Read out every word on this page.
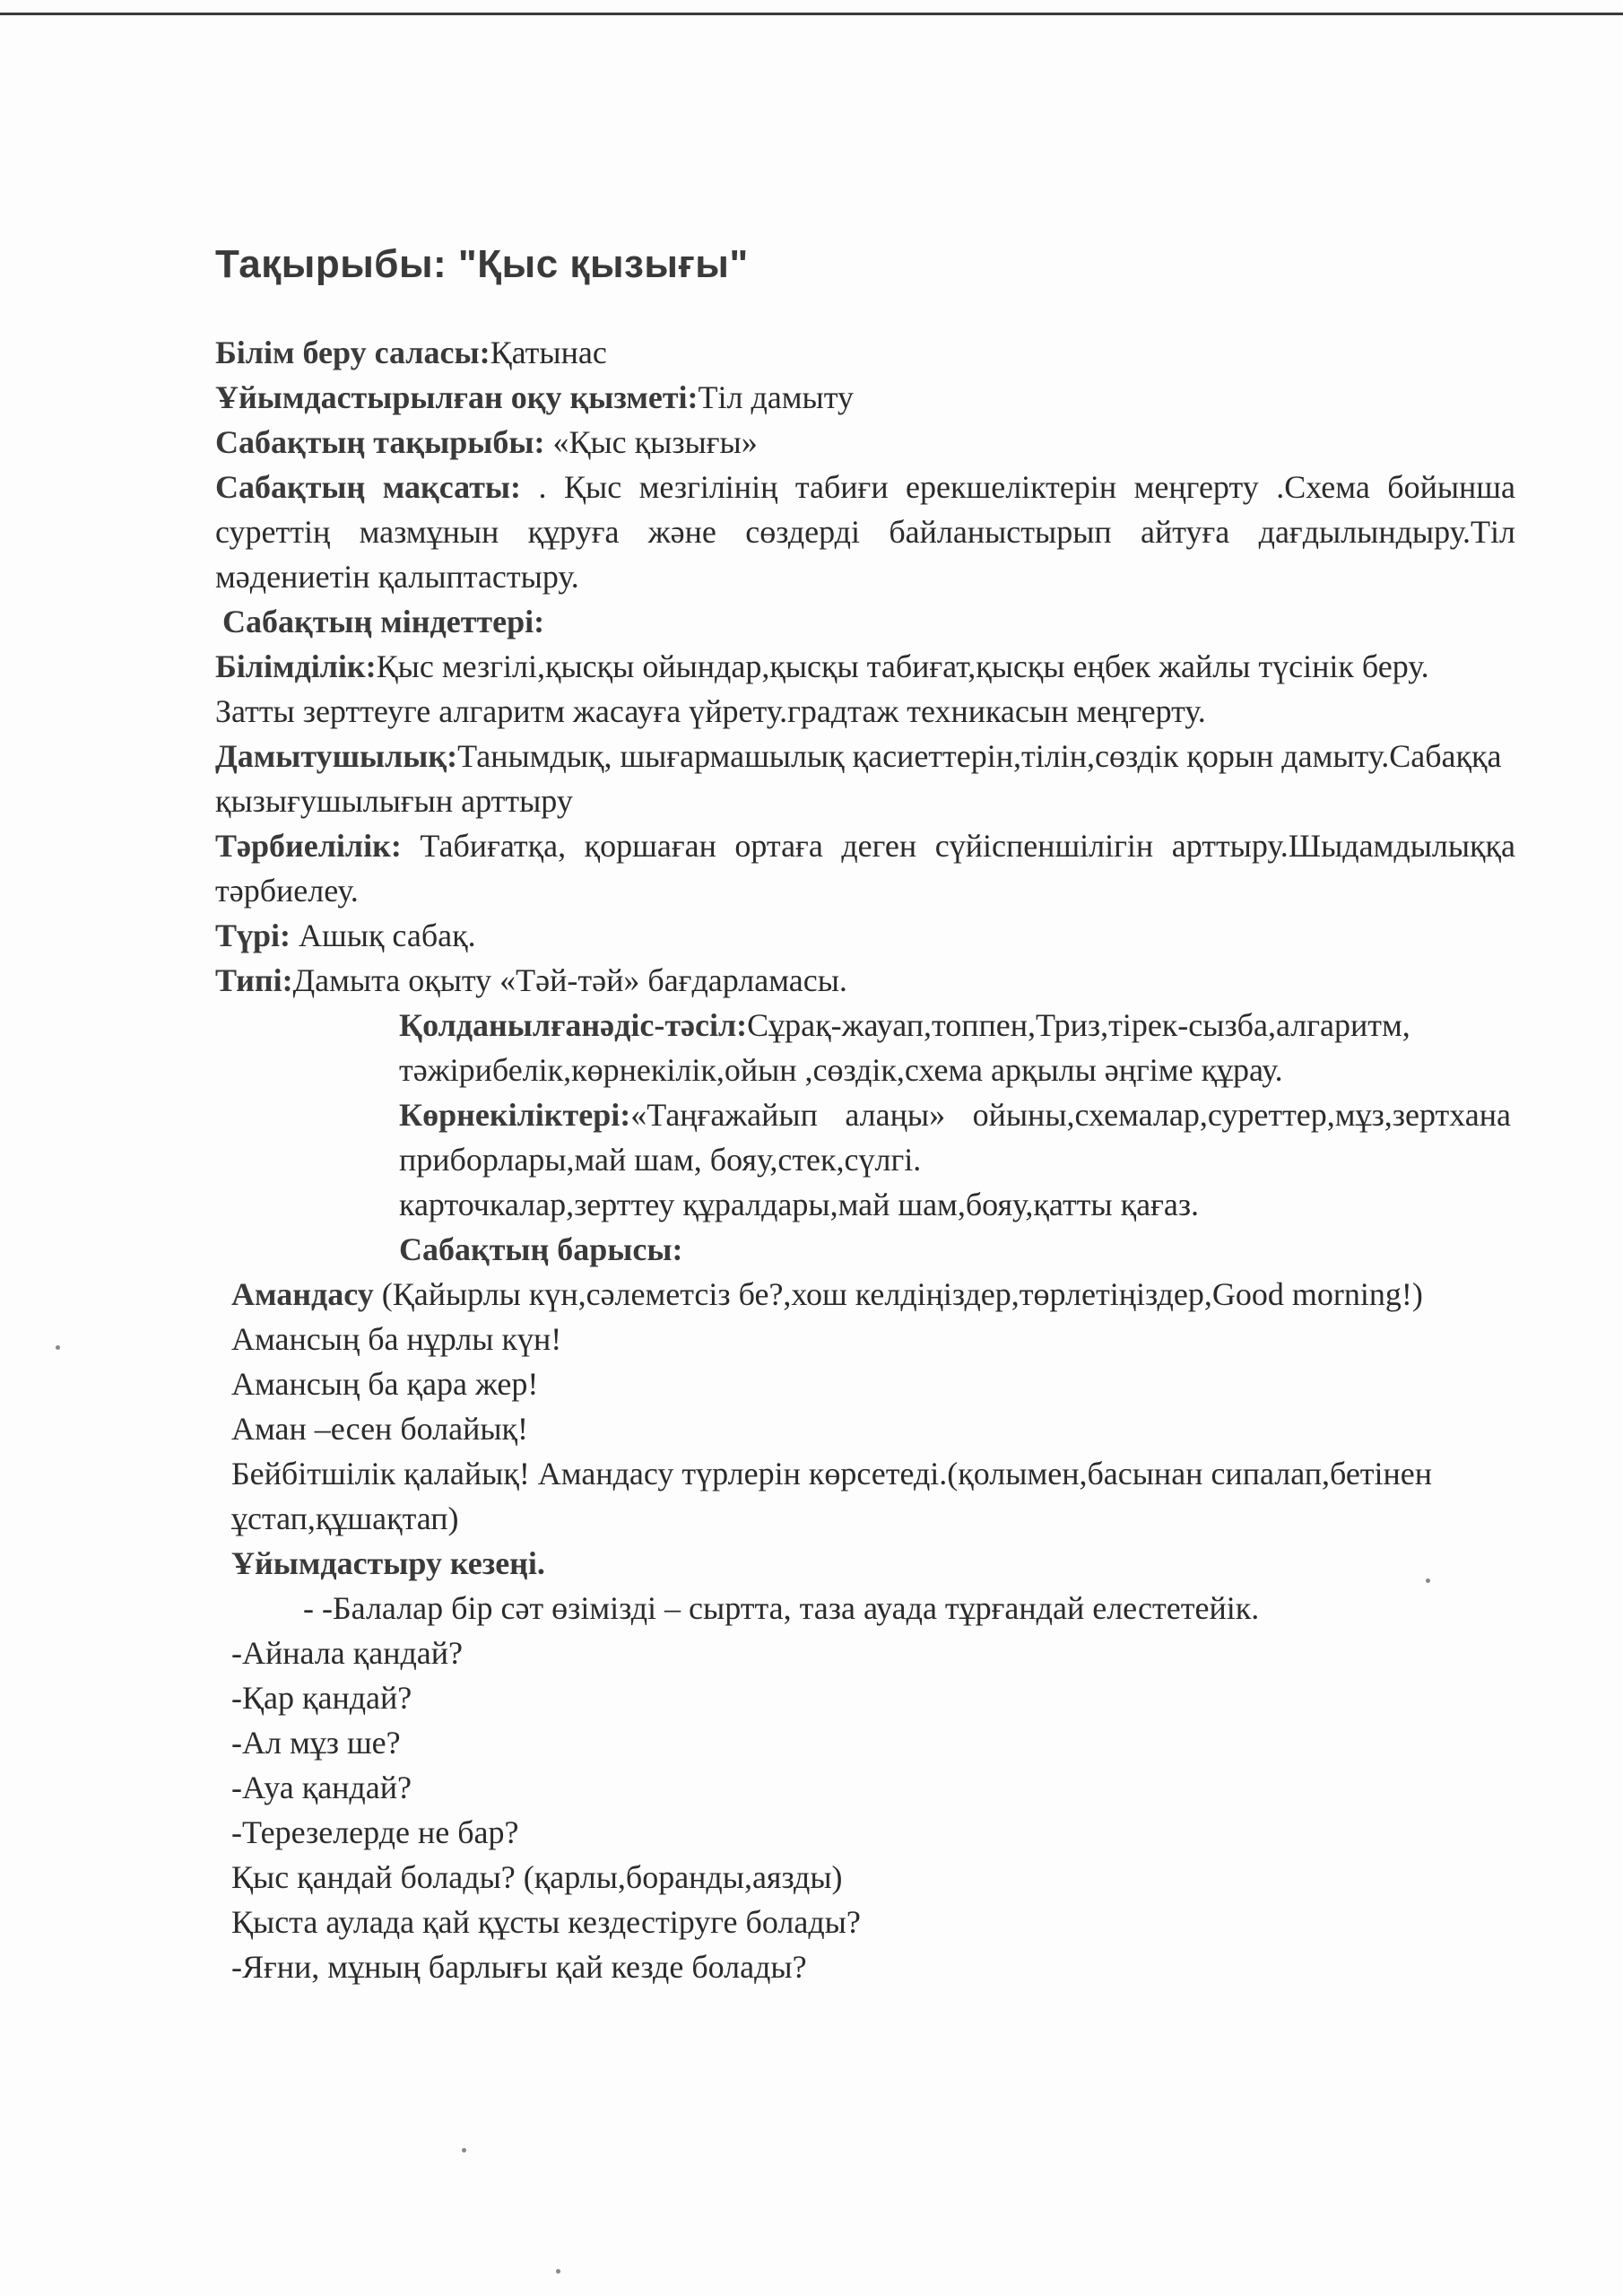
Тақырыбы: "Қыс қызығы"

Білім беру саласы:Қатынас

Ұйымдастырылған оқу қызметі:Тіл дамыту

Сабақтың тақырыбы: «Қыс қызығы»

Сабақтың мақсаты: . Қыс мезгілінің табиғи ерекшеліктерін меңгерту .Схема бойынша суреттің мазмұнын құруға және сөздерді байланыстырып айтуға дағдылындыру.Тіл мәдениетін қалыптастыру.

Сабақтың міндеттері:

Білімділік:Қыс мезгілі,қысқы ойындар,қысқы табиғат,қысқы еңбек жайлы түсінік беру. Затты зерттеуге алгаритм жасауға үйрету.градтаж техникасын меңгерту.

Дамытушылық:Танымдық, шығармашылық қасиеттерін,тілін,сөздік қорын дамыту.Сабаққа қызығушылығын арттыру

Тәрбиелілік: Табиғатқа, қоршаған ортаға деген сүйіспеншілігін арттыру.Шыдамдылыққа тәрбиелеу.

Түрі: Ашық сабақ.

Типі:Дамыта оқыту «Тәй-тәй» бағдарламасы.

Қолданылғанәдіс-тәсіл:Сұрақ-жауап,топпен,Триз,тірек-сызба,алгаритм, тәжірибелік,көрнекілік,ойын ,сөздік,схема арқылы әңгіме құрау.

Көрнекіліктері:«Таңғажайып алаңы» ойыны,схемалар,суреттер,мұз,зертхана приборлары,май шам, бояу,стек,сүлгі.

карточкалар,зерттеу құралдары,май шам,бояу,қатты қағаз.

Сабақтың барысы:

Амандасу (Қайырлы күн,сәлеметсіз бе?,хош келдіңіздер,төрлетіңіздер,Good morning!)

Амансың ба нұрлы күн!

Амансың ба қара жер!

Аман –есен болайық!

Бейбітшілік қалайық! Амандасу түрлерін көрсетеді.(қолымен,басынан сипалап,бетінен ұстап,құшақтап)

Ұйымдастыру кезеңі.

- -Балалар бір сәт өзімізді – сыртта, таза ауада тұрғандай елестетейік.

-Айнала қандай?

-Қар қандай?

-Ал мұз ше?

-Ауа қандай?

-Терезелерде не бар?

Қыс қандай болады? (қарлы,боранды,аязды)

Қыста аулада қай құсты кездестіруге болады?

-Яғни, мұның барлығы қай кезде болады?
